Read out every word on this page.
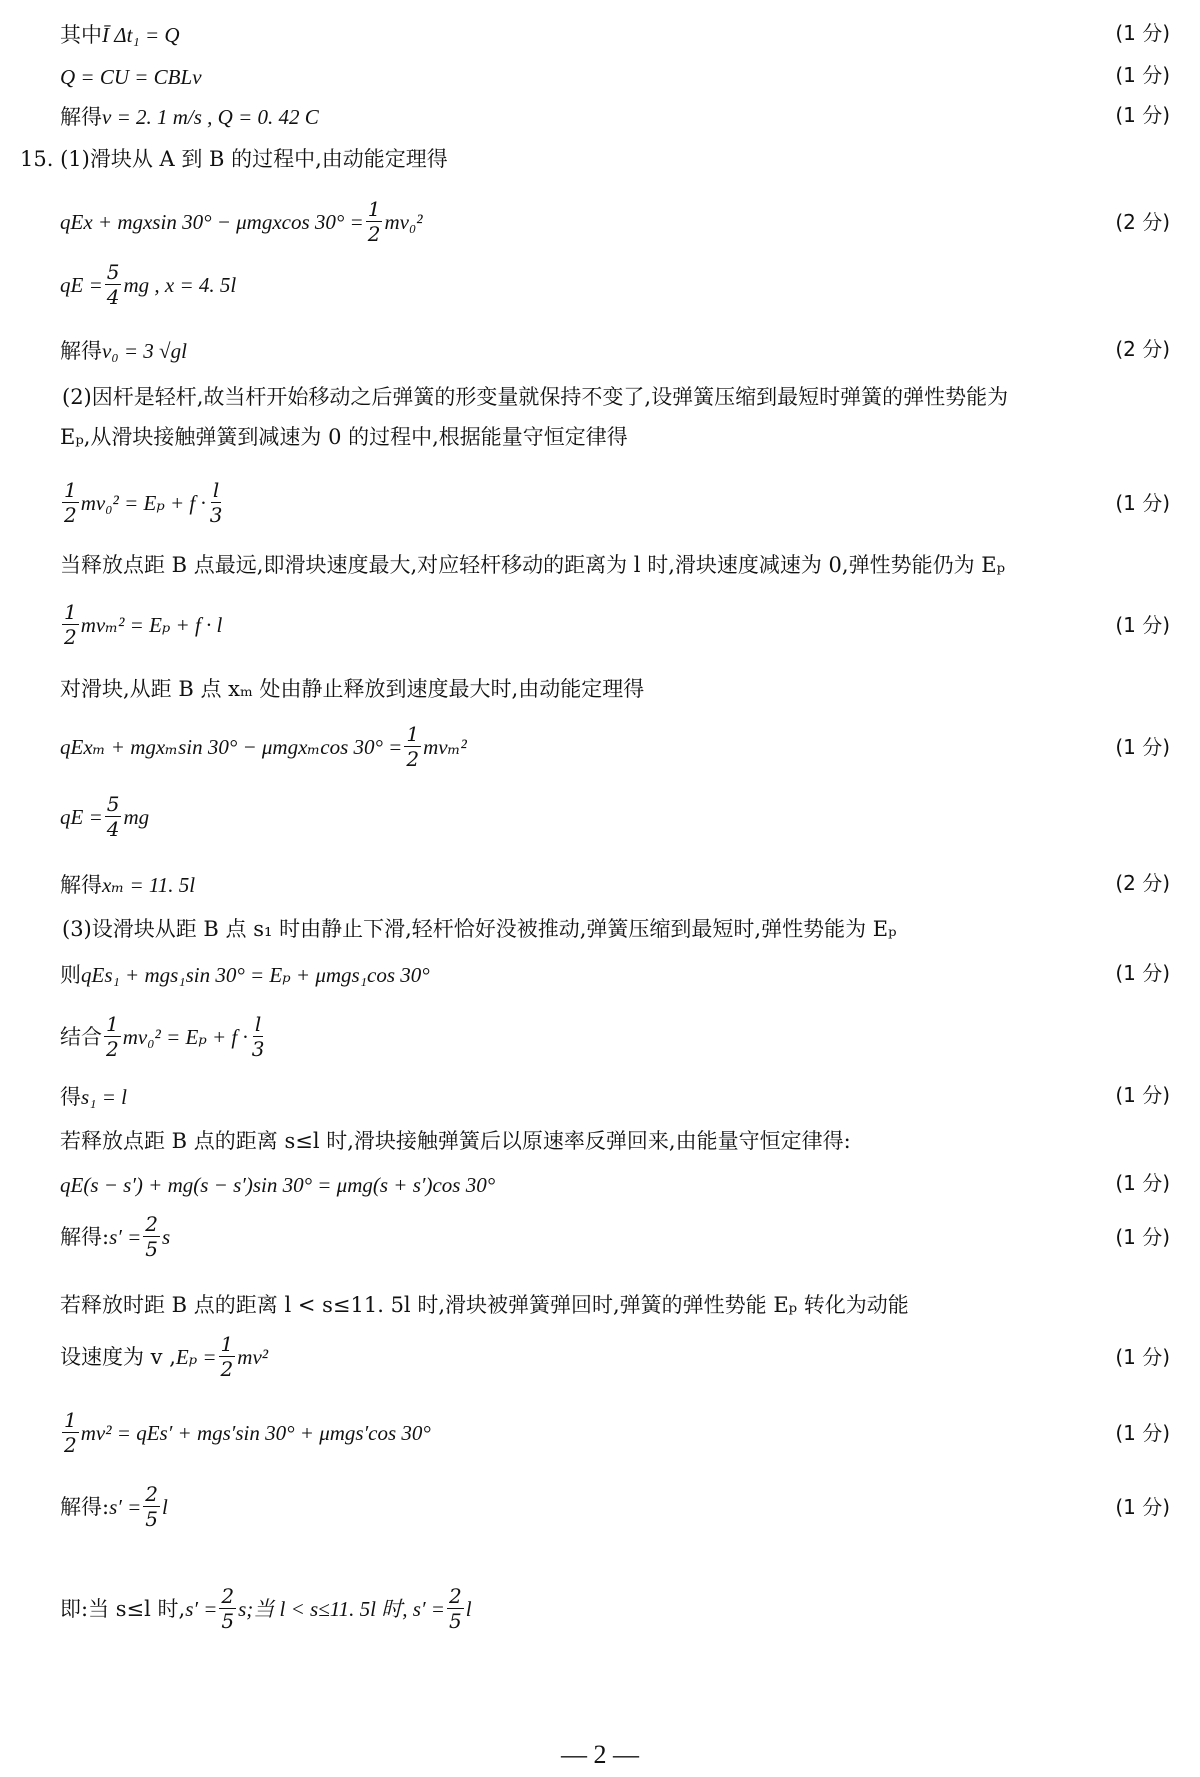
其中Ī Δt₁ = Q	(1 分)
Q = CU = CBLv	(1 分)
解得v = 2. 1 m/s , Q = 0. 42 C	(1 分)
15. (1)滑块从 A 到 B 的过程中,由动能定理得
qEx + mgxsin 30° − μmgxcos $30^\circ = \frac{1}{2} mv_0^2$	(2 分)
qE = $\frac{5}{4}$ mg , x = 4. 5l
解得v₀ = 3 √gl	(2 分)
(2)因杆是轻杆,故当杆开始移动之后弹簧的形变量就保持不变了,设弹簧压缩到最短时弹簧的弹性势能为
Eₚ,从滑块接触弹簧到减速为 0 的过程中,根据能量守恒定律得
$\frac{1}{2} mv_0^2 = E_p + f \cdot \frac{l}{3}$	(1 分)
当释放点距 B 点最远,即滑块速度最大,对应轻杆移动的距离为 l 时,滑块速度减速为 0,弹性势能仍为 Eₚ
$\frac{1}{2} mv_m^2 = E_p + f \cdot l$	(1 分)
对滑块,从距 B 点 xₘ 处由静止释放到速度最大时,由动能定理得
qExₘ + mgxₘsin 30° − μmgxₘcos $30^\circ = \frac{1}{2} mv_m^2$	(1 分)
qE = $\frac{5}{4}$ mg
解得xₘ = 11. 5l	(2 分)
(3)设滑块从距 B 点 s₁ 时由静止下滑,轻杆恰好没被推动,弹簧压缩到最短时,弹性势能为 Eₚ
则qEs₁ + mgs₁sin 30° = Eₚ + μmgs₁cos 30°	(1 分)
结合 $\frac{1}{2} mv_0^2 = E_p + f \cdot \frac{l}{3}$
得s₁ = l	(1 分)
若释放点距 B 点的距离 s≤l 时,滑块接触弹簧后以原速率反弹回来,由能量守恒定律得:
qE(s − s′) + mg(s − s′)sin 30° = μmg(s + s′)cos 30°	(1 分)
解得:s′ = $\frac{2}{5}$ s	(1 分)
若释放时距 B 点的距离 l < s≤11. 5l 时,滑块被弹簧弹回时,弹簧的弹性势能 Eₚ 转化为动能
设速度为 v $,E_p = \frac{1}{2} mv^2$	(1 分)
$\frac{1}{2} mv^2 = qEs' + mgs'\sin$ 30° + μmgs′cos 30°	(1 分)
解得:s′ = $\frac{2}{5}$ l	(1 分)
即:当 s≤l 时$,s' = \frac{2}{5} s$;当 l < s≤11. 5l 时, $s' = \frac{2}{5}$ l
— 2 —
